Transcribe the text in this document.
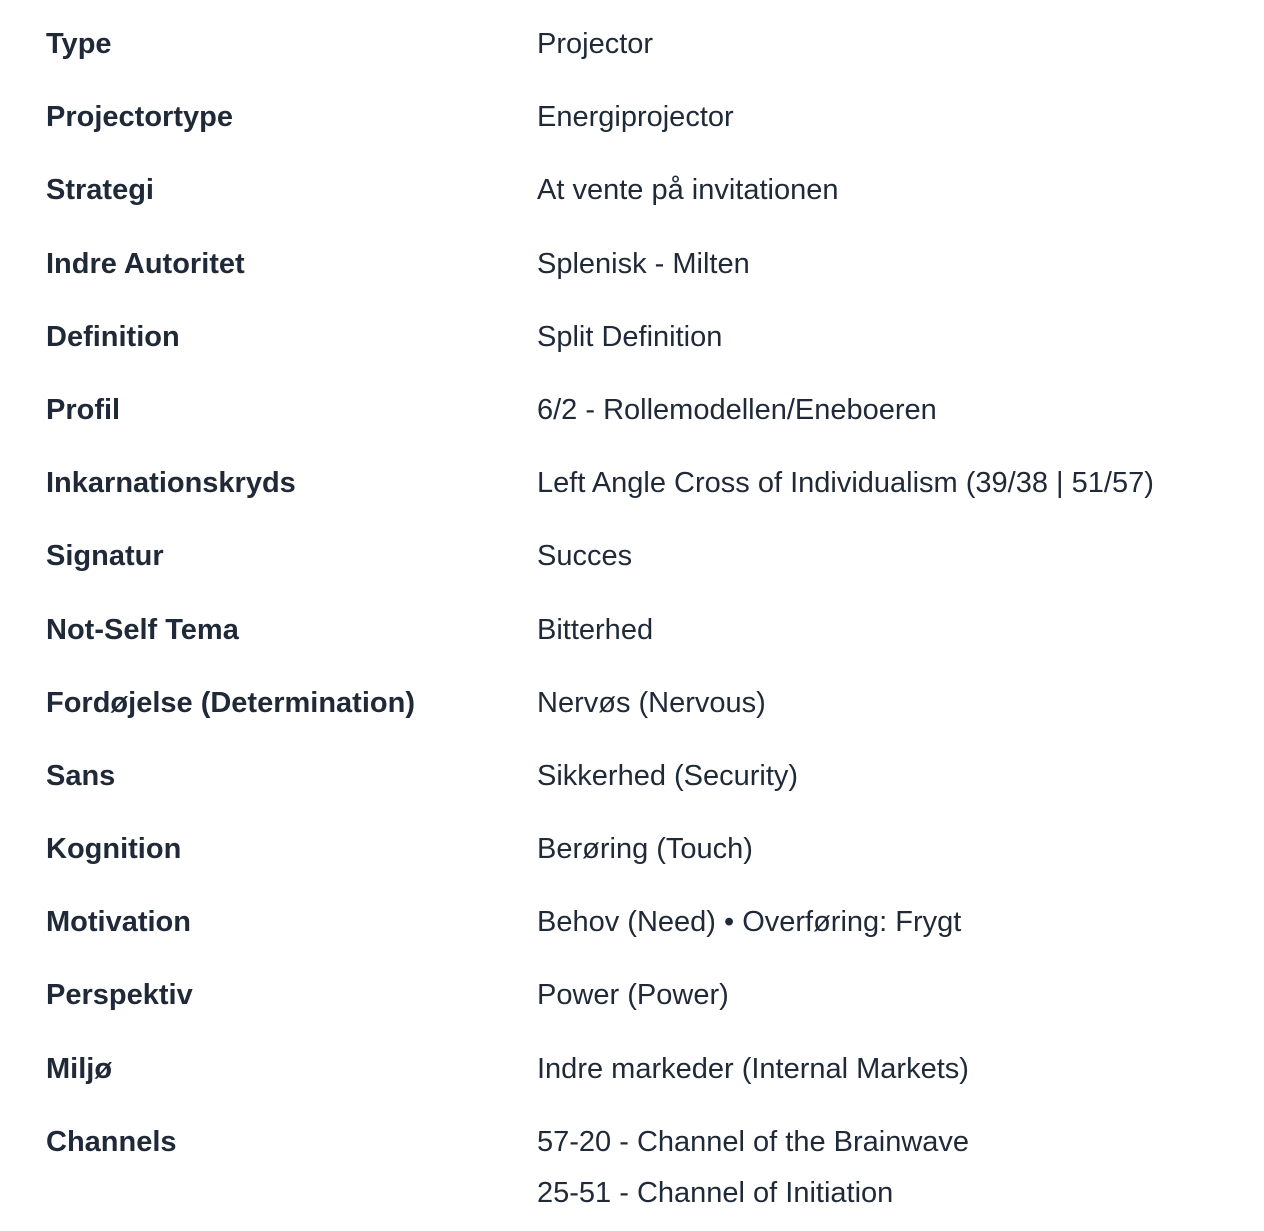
Type	Projector
Projectortype	Energiprojector
Strategi	At vente på invitationen
Indre Autoritet	Splenisk - Milten
Definition	Split Definition
Profil	6/2 - Rollemodellen/Eneboeren
Inkarnationskryds	Left Angle Cross of Individualism (39/38 | 51/57)
Signatur	Succes
Not-Self Tema	Bitterhed
Fordøjelse (Determination)	Nervøs (Nervous)
Sans	Sikkerhed (Security)
Kognition	Berøring (Touch)
Motivation	Behov (Need) • Overføring: Frygt
Perspektiv	Power (Power)
Miljø	Indre markeder (Internal Markets)
Channels	57-20 - Channel of the Brainwave
25-51 - Channel of Initiation
